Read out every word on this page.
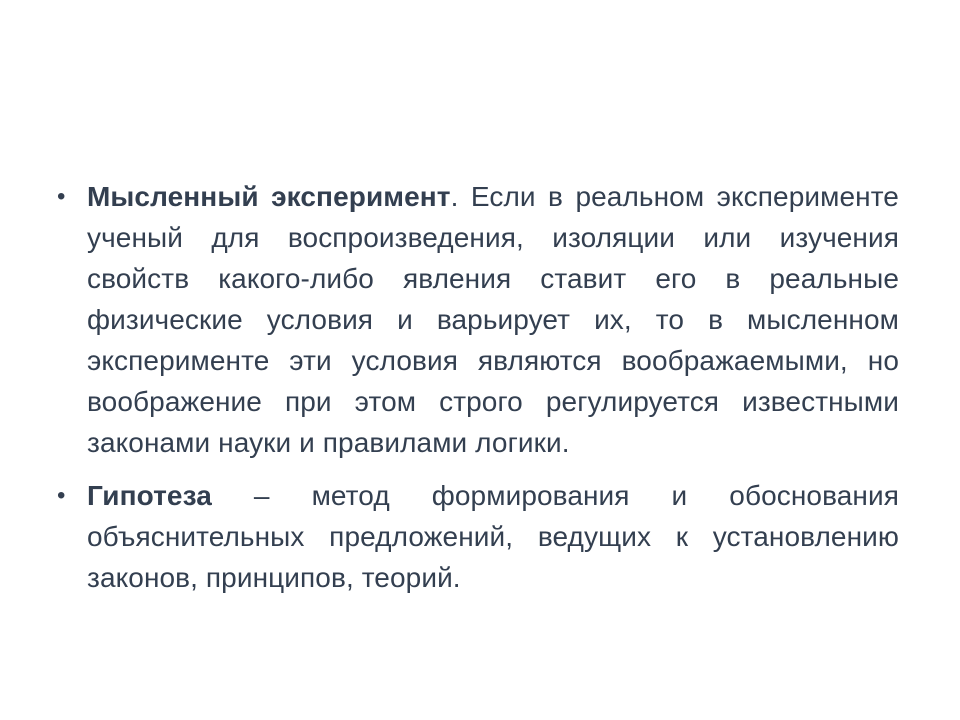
• Мысленный эксперимент. Если в реальном эксперименте ученый для воспроизведения, изоляции или изучения свойств какого-либо явления ставит его в реальные физические условия и варьирует их, то в мысленном эксперименте эти условия являются воображаемыми, но воображение при этом строго регулируется известными законами науки и правилами логики.
• Гипотеза – метод формирования и обоснования объяснительных предложений, ведущих к установлению законов, принципов, теорий.
